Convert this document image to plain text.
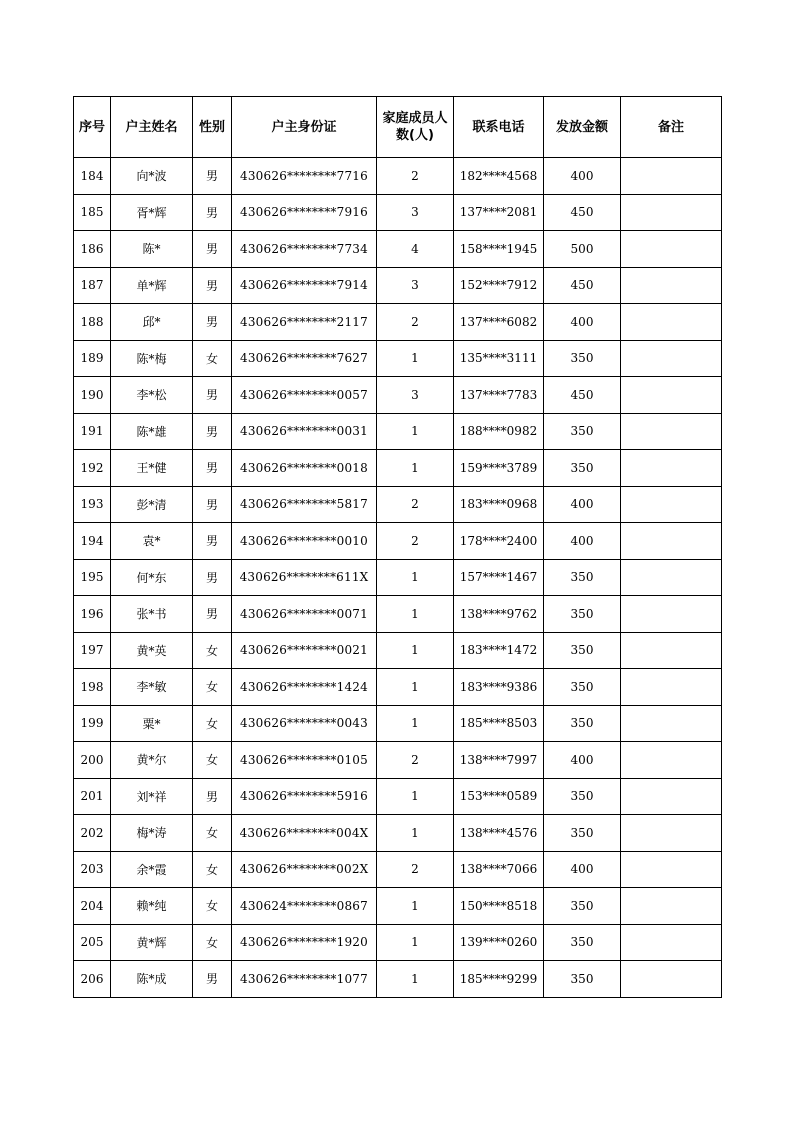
序号	户主姓名	性别	户主身份证	家庭成员人数(人)	联系电话	发放金额	备注
184	向*波	男	430626********7716	2	182****4568	400	
185	胥*辉	男	430626********7916	3	137****2081	450	
186	陈*	男	430626********7734	4	158****1945	500	
187	单*辉	男	430626********7914	3	152****7912	450	
188	邱*	男	430626********2117	2	137****6082	400	
189	陈*梅	女	430626********7627	1	135****3111	350	
190	李*松	男	430626********0057	3	137****7783	450	
191	陈*雄	男	430626********0031	1	188****0982	350	
192	王*健	男	430626********0018	1	159****3789	350	
193	彭*清	男	430626********5817	2	183****0968	400	
194	袁*	男	430626********0010	2	178****2400	400	
195	何*东	男	430626********611X	1	157****1467	350	
196	张*书	男	430626********0071	1	138****9762	350	
197	黄*英	女	430626********0021	1	183****1472	350	
198	李*敏	女	430626********1424	1	183****9386	350	
199	粟*	女	430626********0043	1	185****8503	350	
200	黄*尔	女	430626********0105	2	138****7997	400	
201	刘*祥	男	430626********5916	1	153****0589	350	
202	梅*涛	女	430626********004X	1	138****4576	350	
203	余*霞	女	430626********002X	2	138****7066	400	
204	赖*纯	女	430624********0867	1	150****8518	350	
205	黄*辉	女	430626********1920	1	139****0260	350	
206	陈*成	男	430626********1077	1	185****9299	350	
